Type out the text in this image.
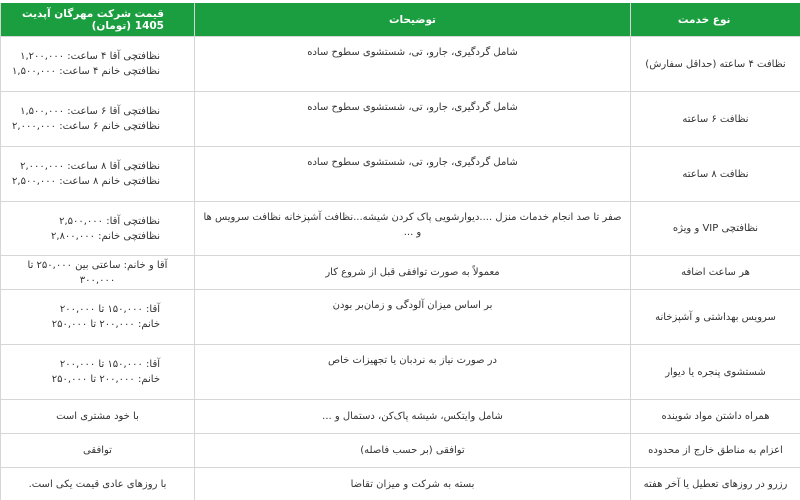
نوع خدمت	توضیحات	قیمت شرکت مهرگان آپدیت 1405 (تومان)
نظافت ۴ ساعته (حداقل سفارش)	شامل گردگیری، جارو، تی، شستشوی سطوح ساده	نظافتچی آقا ۴ ساعت: ۱,۲۰۰,۰۰۰
نظافتچی خانم ۴ ساعت: ۱,۵۰۰,۰۰۰

نظافت ۶ ساعته	شامل گردگیری، جارو، تی، شستشوی سطوح ساده	نظافتچی آقا ۶ ساعت: ۱,۵۰۰,۰۰۰
نظافتچی خانم ۶ ساعت: ۲,۰۰۰,۰۰۰

نظافت ۸ ساعته	شامل گردگیری، جارو، تی، شستشوی سطوح ساده	نظافتچی آقا ۸ ساعت: ۲,۰۰۰,۰۰۰
نظافتچی خانم ۸ ساعت: ۲,۵۰۰,۰۰۰

نظافتچی VIP و ویژه	صفر تا صد انجام خدمات منزل ....دیوارشویی پاک کردن شیشه...نظافت آشپزخانه نظافت سرویس ها و ...	نظافتچی آقا: ۲,۵۰۰,۰۰۰
نظافتچی خانم: ۲,۸۰۰,۰۰۰

هر ساعت اضافه	معمولاً به صورت توافقی قبل از شروع کار	آقا و خانم: ساعتی بین ۲۵۰,۰۰۰ تا ۳۰۰,۰۰۰

سرویس بهداشتی و آشپزخانه	بر اساس میزان آلودگی و زمان‌بر بودن	آقا: ۱۵۰,۰۰۰ تا ۲۰۰,۰۰۰
خانم: ۲۰۰,۰۰۰ تا ۲۵۰,۰۰۰

شستشوی پنجره یا دیوار	در صورت نیاز به نردبان یا تجهیزات خاص	آقا: ۱۵۰,۰۰۰ تا ۲۰۰,۰۰۰
خانم: ۲۰۰,۰۰۰ تا ۲۵۰,۰۰۰

همراه داشتن مواد شوینده	شامل وایتکس، شیشه پاک‌کن، دستمال و ...	با خود مشتری است

اعزام به مناطق خارج از محدوده	توافقی (بر حسب فاصله)	توافقی

رزرو در روزهای تعطیل یا آخر هفته	بسته به شرکت و میزان تقاضا	با روزهای عادی قیمت یکی است.
